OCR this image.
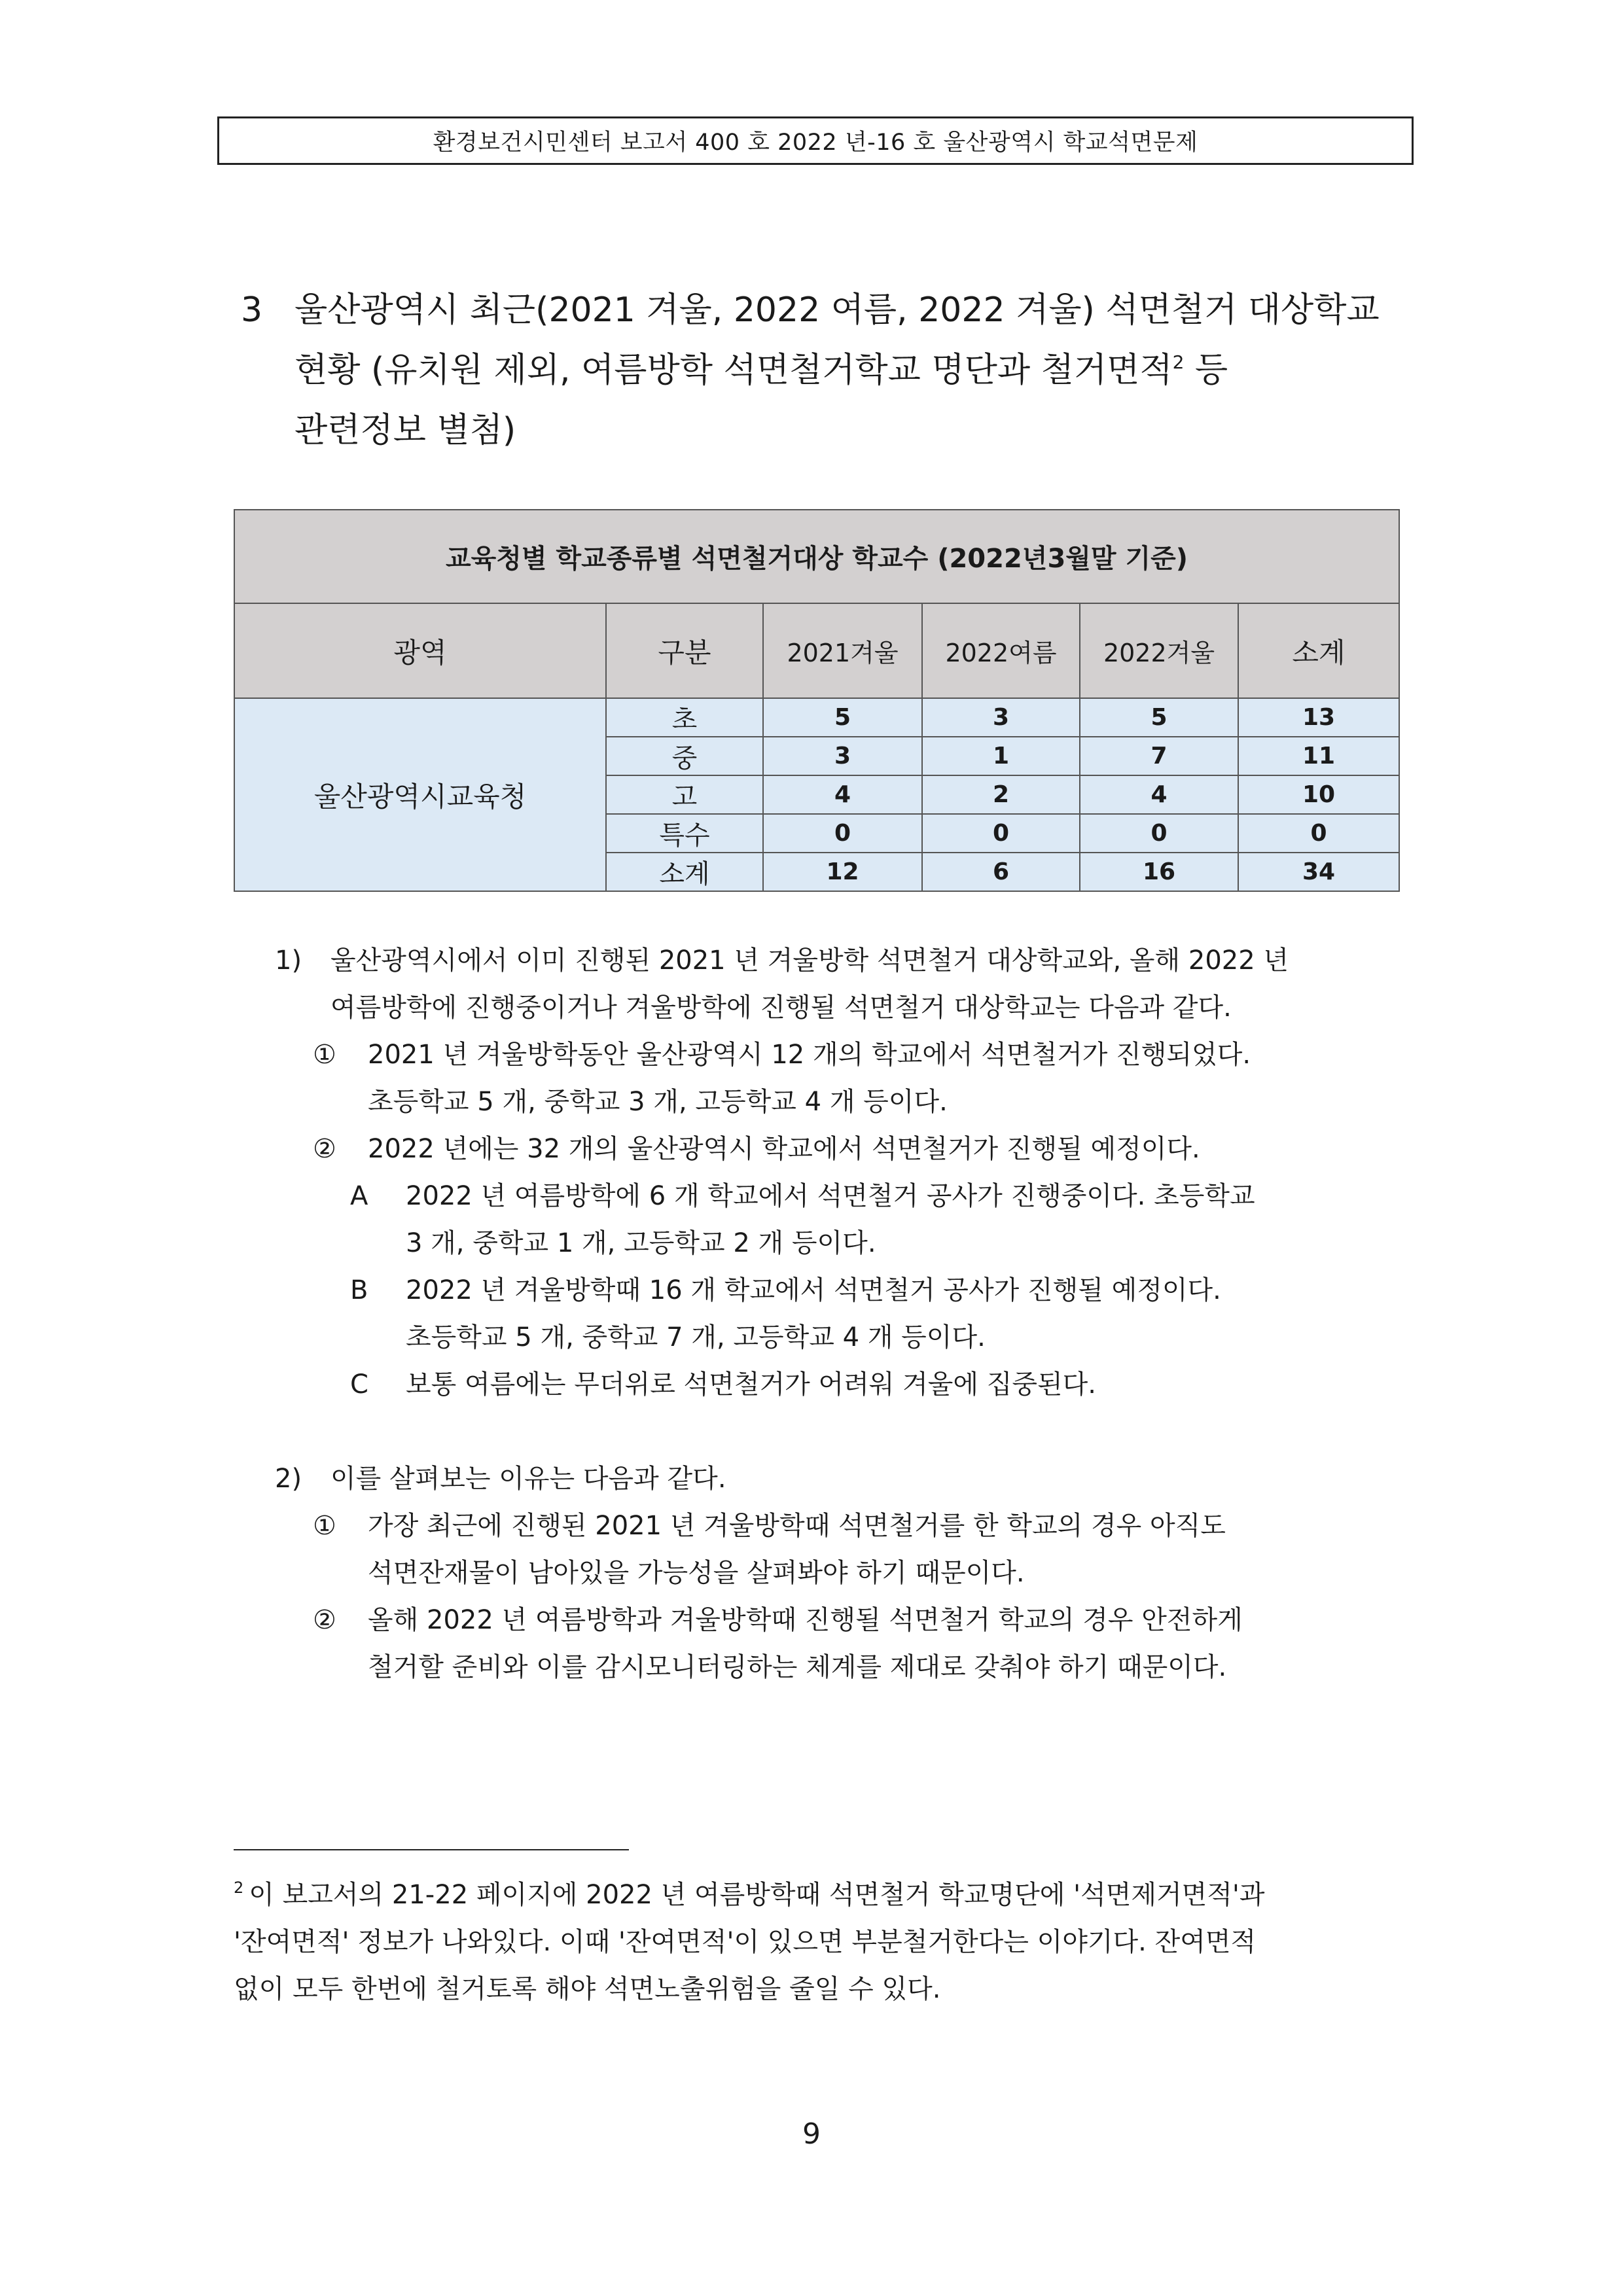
환경보건시민센터 보고서 400 호 2022 년-16 호 울산광역시 학교석면문제
3 울산광역시 최근(2021 겨울, 2022 여름, 2022 겨울) 석면철거 대상학교
현황 (유치원 제외, 여름방학 석면철거학교 명단과 철거면적$^2$ 등
관련정보 별첨)
교육청별 학교종류별 석면철거대상 학교수 (2022년3월말 기준)					
광역	구분	2021겨울	2022여름	2022겨울	소계
울산광역시교육청	초	5	3	5	13
	중	3	1	7	11
	고	4	2	4	10
	특수	0	0	0	0
	소계	12	6	16	34
1) 울산광역시에서 이미 진행된 2021 년 겨울방학 석면철거 대상학교와, 올해 2022 년
여름방학에 진행중이거나 겨울방학에 진행될 석면철거 대상학교는 다음과 같다.
① 2021 년 겨울방학동안 울산광역시 12 개의 학교에서 석면철거가 진행되었다.
초등학교 5 개, 중학교 3 개, 고등학교 4 개 등이다.
② 2022 년에는 32 개의 울산광역시 학교에서 석면철거가 진행될 예정이다.
A 2022 년 여름방학에 6 개 학교에서 석면철거 공사가 진행중이다. 초등학교
3 개, 중학교 1 개, 고등학교 2 개 등이다.
B 2022 년 겨울방학때 16 개 학교에서 석면철거 공사가 진행될 예정이다.
초등학교 5 개, 중학교 7 개, 고등학교 4 개 등이다.
C 보통 여름에는 무더위로 석면철거가 어려워 겨울에 집중된다.
2) 이를 살펴보는 이유는 다음과 같다.
① 가장 최근에 진행된 2021 년 겨울방학때 석면철거를 한 학교의 경우 아직도
석면잔재물이 남아있을 가능성을 살펴봐야 하기 때문이다.
② 올해 2022 년 여름방학과 겨울방학때 진행될 석면철거 학교의 경우 안전하게
철거할 준비와 이를 감시모니터링하는 체계를 제대로 갖춰야 하기 때문이다.
$^2$ 이 보고서의 21-22 페이지에 2022 년 여름방학때 석면철거 학교명단에 '석면제거면적'과
'잔여면적' 정보가 나와있다. 이때 '잔여면적'이 있으면 부분철거한다는 이야기다. 잔여면적
없이 모두 한번에 철거토록 해야 석면노출위험을 줄일 수 있다.
9
